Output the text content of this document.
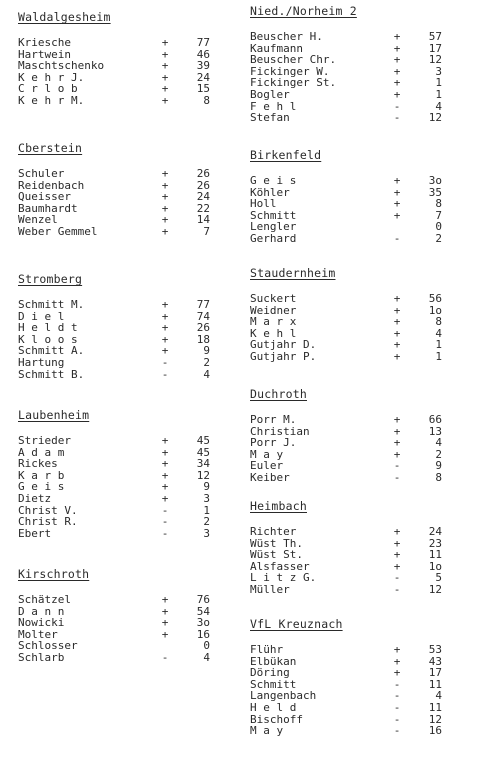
Waldalgesheim
Kriesche	+	77
Hartwein	+	46
Maschtschenko	+	39
K e h r J.	+	24
C r l o b	+	15
K e h r M.	+	8
Cberstein
Schuler	+	26
Reidenbach	+	26
Queisser	+	24
Baumhardt	+	22
Wenzel	+	14
Weber Gemmel	+	7
Stromberg
Schmitt M.	+	77
D i e l	+	74
H e l d t	+	26
K l o o s	+	18
Schmitt A.	+	9
Hartung	-	2
Schmitt B.	-	4
Laubenheim
Strieder	+	45
A d a m	+	45
Rickes	+	34
K a r b	+	12
G e i s	+	9
Dietz	+	3
Christ V.	-	1
Christ R.	-	2
Ebert	-	3
Kirschroth
Schätzel	+	76
D a n n	+	54
Nowicki	+	3o
Molter	+	16
Schlosser	0
Schlarb	-	4
Nied./Norheim 2
Beuscher H.	+	57
Kaufmann	+	17
Beuscher Chr.	+	12
Fickinger W.	+	3
Fickinger St.	+	1
Bogler	+	1
F e h l	-	4
Stefan	-	12
Birkenfeld
G e i s	+	3o
Köhler	+	35
Holl	+	8
Schmitt	+	7
Lengler	0
Gerhard	-	2
Staudernheim
Suckert	+	56
Weidner	+	1o
M a r x	+	8
K e h l	+	4
Gutjahr D.	+	1
Gutjahr P.	+	1
Duchroth
Porr M.	+	66
Christian	+	13
Porr J.	+	4
M a y	+	2
Euler	-	9
Keiber	-	8
Heimbach
Richter	+	24
Wüst Th.	+	23
Wüst St.	+	11
Alsfasser	+	1o
L i t z G.	-	5
Müller	-	12
VfL Kreuznach
Flühr	+	53
Elbükan	+	43
Döring	+	17
Schmitt	-	11
Langenbach	-	4
H e l d	-	11
Bischoff	-	12
M a y	-	16
